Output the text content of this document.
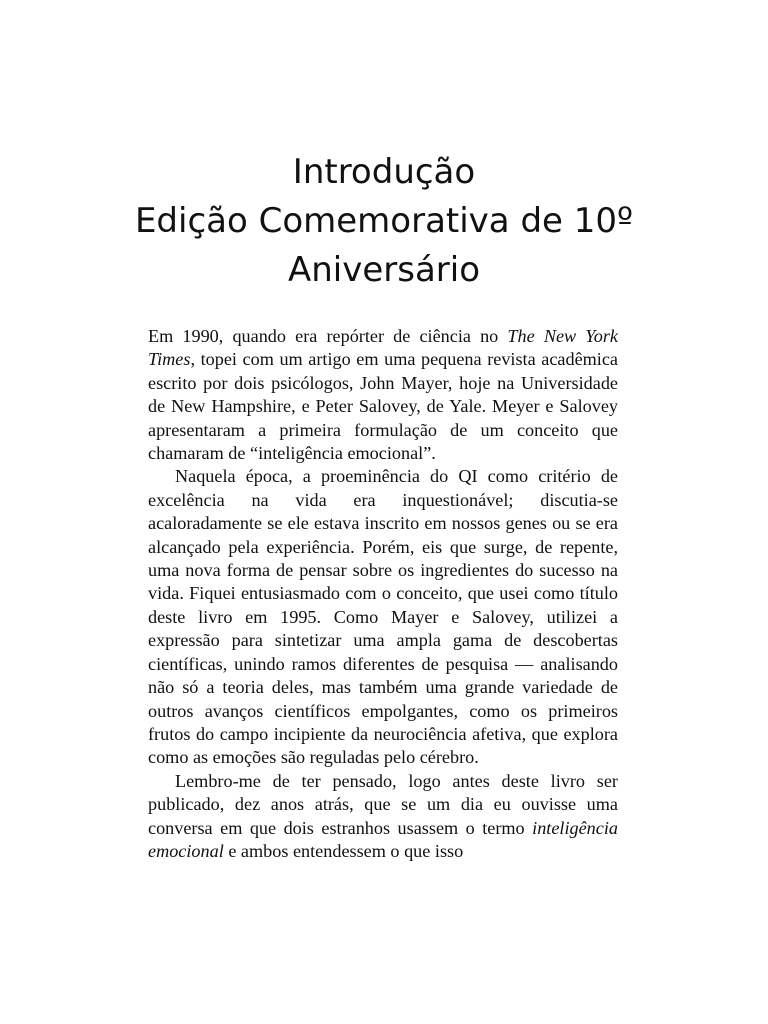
Introdução
Edição Comemorativa de 10º
Aniversário

Em 1990, quando era repórter de ciência no The New York Times, topei com um artigo em uma pequena revista acadêmica escrito por dois psicólogos, John Mayer, hoje na Universidade de New Hampshire, e Peter Salovey, de Yale. Meyer e Salovey apresentaram a primeira formulação de um conceito que chamaram de “inteligência emocional”.

Naquela época, a proeminência do QI como critério de excelência na vida era inquestionável; discutia-se acaloradamente se ele estava inscrito em nossos genes ou se era alcançado pela experiência. Porém, eis que surge, de repente, uma nova forma de pensar sobre os ingredientes do sucesso na vida. Fiquei entusiasmado com o conceito, que usei como título deste livro em 1995. Como Mayer e Salovey, utilizei a expressão para sintetizar uma ampla gama de descobertas científicas, unindo ramos diferentes de pesquisa — analisando não só a teoria deles, mas também uma grande variedade de outros avanços científicos empolgantes, como os primeiros frutos do campo incipiente da neurociência afetiva, que explora como as emoções são reguladas pelo cérebro.

Lembro-me de ter pensado, logo antes deste livro ser publicado, dez anos atrás, que se um dia eu ouvisse uma conversa em que dois estranhos usassem o termo inteligência emocional e ambos entendessem o que isso
